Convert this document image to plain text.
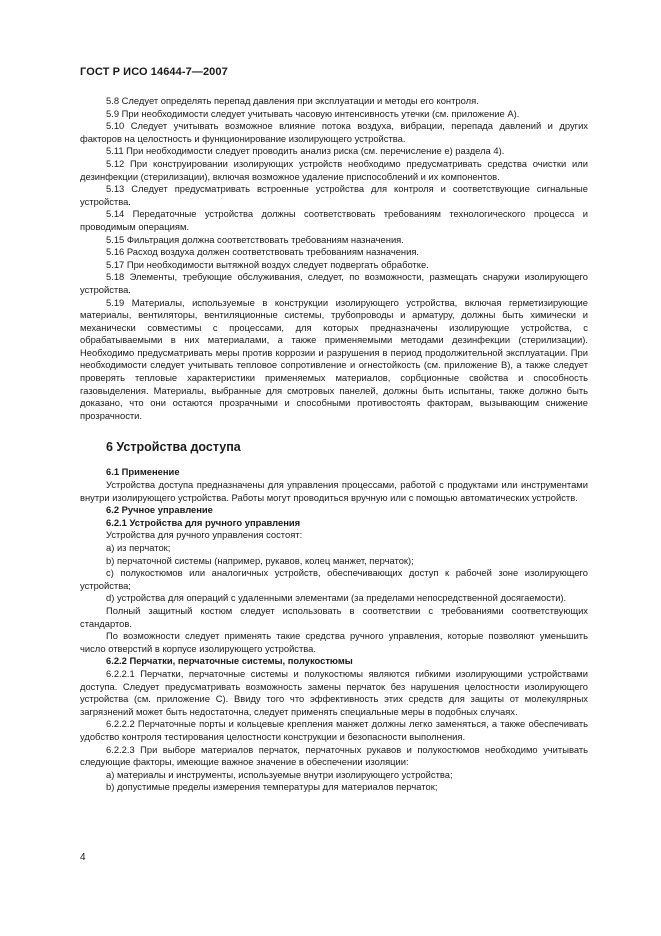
ГОСТ Р ИСО 14644-7—2007

5.8 Следует определять перепад давления при эксплуатации и методы его контроля.

5.9 При необходимости следует учитывать часовую интенсивность утечки (см. приложение А).

5.10 Следует учитывать возможное влияние потока воздуха, вибрации, перепада давлений и других факторов на целостность и функционирование изолирующего устройства.

5.11 При необходимости следует проводить анализ риска (см. перечисление е) раздела 4).

5.12 При конструировании изолирующих устройств необходимо предусматривать средства очистки или дезинфекции (стерилизации), включая возможное удаление приспособлений и их компонентов.

5.13 Следует предусматривать встроенные устройства для контроля и соответствующие сигнальные устройства.

5.14 Передаточные устройства должны соответствовать требованиям технологического процесса и проводимым операциям.

5.15 Фильтрация должна соответствовать требованиям назначения.

5.16 Расход воздуха должен соответствовать требованиям назначения.

5.17 При необходимости вытяжной воздух следует подвергать обработке.

5.18 Элементы, требующие обслуживания, следует, по возможности, размещать снаружи изолирующего устройства.

5.19 Материалы, используемые в конструкции изолирующего устройства, включая герметизирующие материалы, вентиляторы, вентиляционные системы, трубопроводы и арматуру, должны быть химически и механически совместимы с процессами, для которых предназначены изолирующие устройства, с обрабатываемыми в них материалами, а также применяемыми методами дезинфекции (стерилизации). Необходимо предусматривать меры против коррозии и разрушения в период продолжительной эксплуатации. При необходимости следует учитывать тепловое сопротивление и огнестойкость (см. приложение В), а также следует проверять тепловые характеристики применяемых материалов, сорбционные свойства и способность газовыделения. Материалы, выбранные для смотровых панелей, должны быть испытаны, также должно быть доказано, что они остаются прозрачными и способными противостоять факторам, вызывающим снижение прозрачности.

6 Устройства доступа

6.1 Применение

Устройства доступа предназначены для управления процессами, работой с продуктами или инструментами внутри изолирующего устройства. Работы могут проводиться вручную или с помощью автоматических устройств.

6.2 Ручное управление

6.2.1 Устройства для ручного управления

Устройства для ручного управления состоят:

a) из перчаток;

b) перчаточной системы (например, рукавов, колец манжет, перчаток);

c) полукостюмов или аналогичных устройств, обеспечивающих доступ к рабочей зоне изолирующего устройства;

d) устройства для операций с удаленными элементами (за пределами непосредственной досягаемости).

Полный защитный костюм следует использовать в соответствии с требованиями соответствующих стандартов.

По возможности следует применять такие средства ручного управления, которые позволяют уменьшить число отверстий в корпусе изолирующего устройства.

6.2.2 Перчатки, перчаточные системы, полукостюмы

6.2.2.1 Перчатки, перчаточные системы и полукостюмы являются гибкими изолирующими устройствами доступа. Следует предусматривать возможность замены перчаток без нарушения целостности изолирующего устройства (см. приложение С). Ввиду того что эффективность этих средств для защиты от молекулярных загрязнений может быть недостаточна, следует применять специальные меры в подобных случаях.

6.2.2.2 Перчаточные порты и кольцевые крепления манжет должны легко заменяться, а также обеспечивать удобство контроля тестирования целостности конструкции и безопасности выполнения.

6.2.2.3 При выборе материалов перчаток, перчаточных рукавов и полукостюмов необходимо учитывать следующие факторы, имеющие важное значение в обеспечении изоляции:

a) материалы и инструменты, используемые внутри изолирующего устройства;

b) допустимые пределы измерения температуры для материалов перчаток;

4
